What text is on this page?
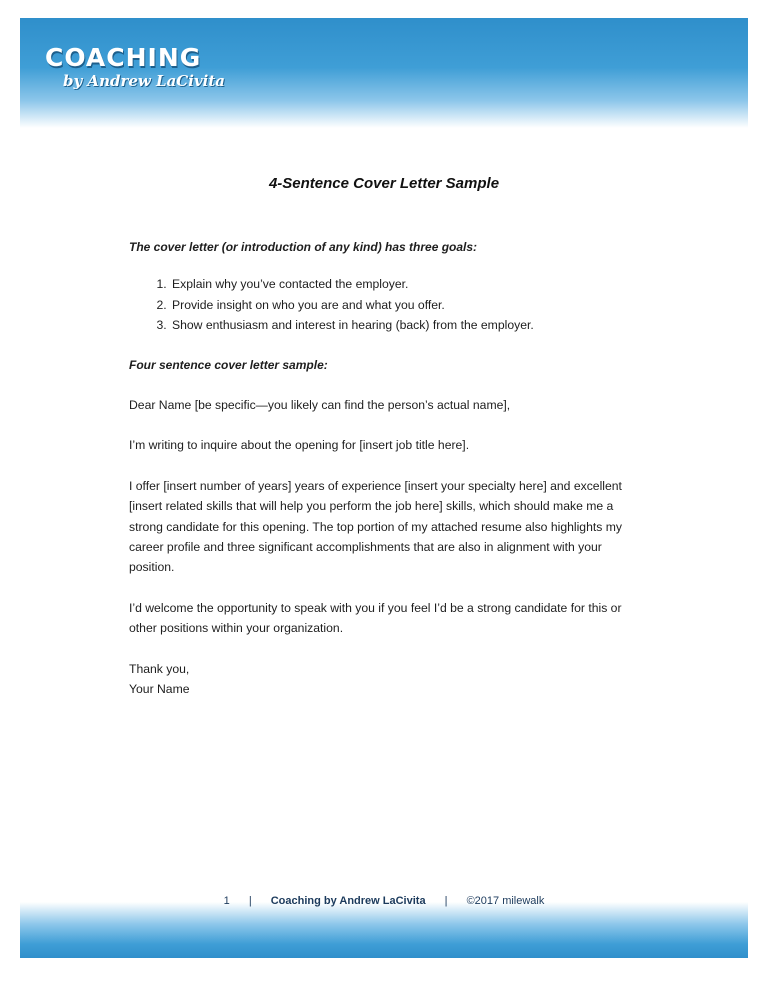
COACHING
by Andrew LaCivita
4-Sentence Cover Letter Sample

The cover letter (or introduction of any kind) has three goals:

1. Explain why you’ve contacted the employer.
2. Provide insight on who you are and what you offer.
3. Show enthusiasm and interest in hearing (back) from the employer.

Four sentence cover letter sample:

Dear Name [be specific—you likely can find the person’s actual name],

I’m writing to inquire about the opening for [insert job title here].

I offer [insert number of years] years of experience [insert your specialty here] and excellent [insert related skills that will help you perform the job here] skills, which should make me a strong candidate for this opening. The top portion of my attached resume also highlights my career profile and three significant accomplishments that are also in alignment with your position.

I’d welcome the opportunity to speak with you if you feel I’d be a strong candidate for this or other positions within your organization.

Thank you,
Your Name

1 | Coaching by Andrew LaCivita | ©2017 milewalk
